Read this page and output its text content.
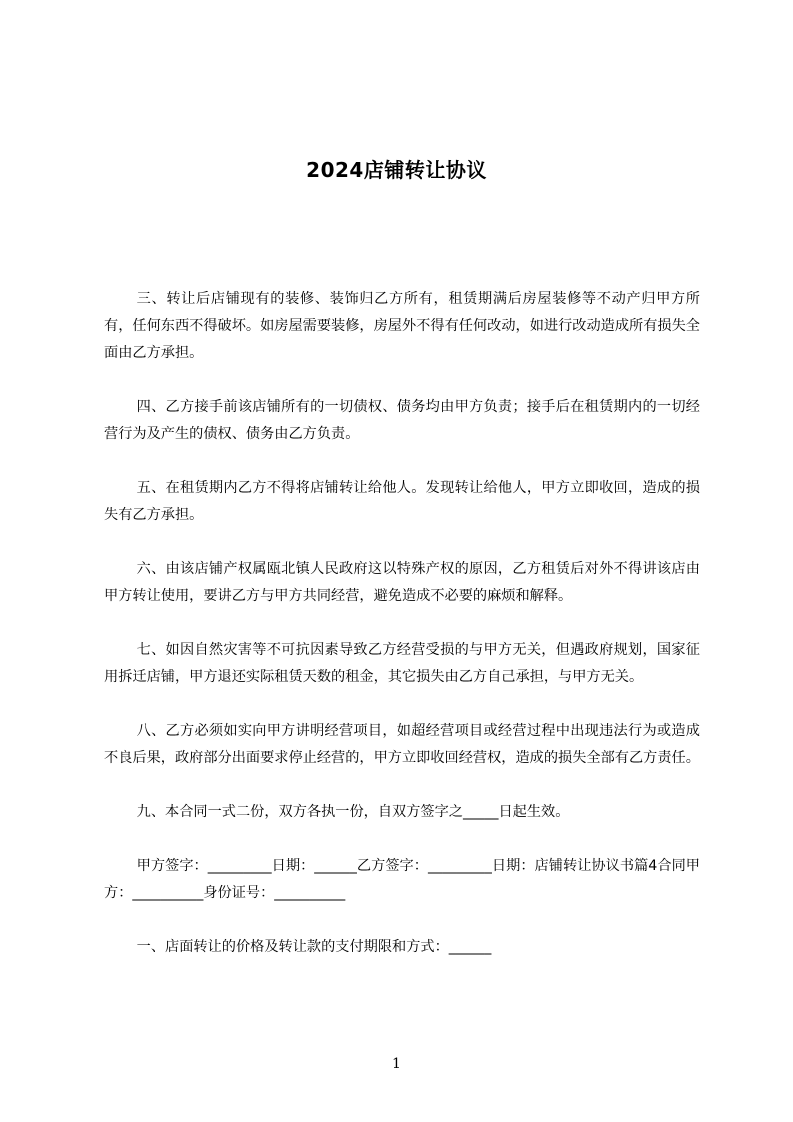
2024店铺转让协议

三、转让后店铺现有的装修、装饰归乙方所有，租赁期满后房屋装修等不动产归甲方所有，任何东西不得破坏。如房屋需要装修，房屋外不得有任何改动，如进行改动造成所有损失全面由乙方承担。

四、乙方接手前该店铺所有的一切债权、债务均由甲方负责；接手后在租赁期内的一切经营行为及产生的债权、债务由乙方负责。

五、在租赁期内乙方不得将店铺转让给他人。发现转让给他人，甲方立即收回，造成的损失有乙方承担。

六、由该店铺产权属瓯北镇人民政府这以特殊产权的原因，乙方租赁后对外不得讲该店由甲方转让使用，要讲乙方与甲方共同经营，避免造成不必要的麻烦和解释。

七、如因自然灾害等不可抗因素导致乙方经营受损的与甲方无关，但遇政府规划，国家征用拆迁店铺，甲方退还实际租赁天数的租金，其它损失由乙方自己承担，与甲方无关。

八、乙方必须如实向甲方讲明经营项目，如超经营项目或经营过程中出现违法行为或造成不良后果，政府部分出面要求停止经营的，甲方立即收回经营权，造成的损失全部有乙方责任。

九、本合同一式二份，双方各执一份，自双方签字之_____日起生效。

甲方签字：_________日期：______乙方签字：_________日期：店铺转让协议书篇4合同甲方：__________身份证号：__________

一、店面转让的价格及转让款的支付期限和方式：______

1
